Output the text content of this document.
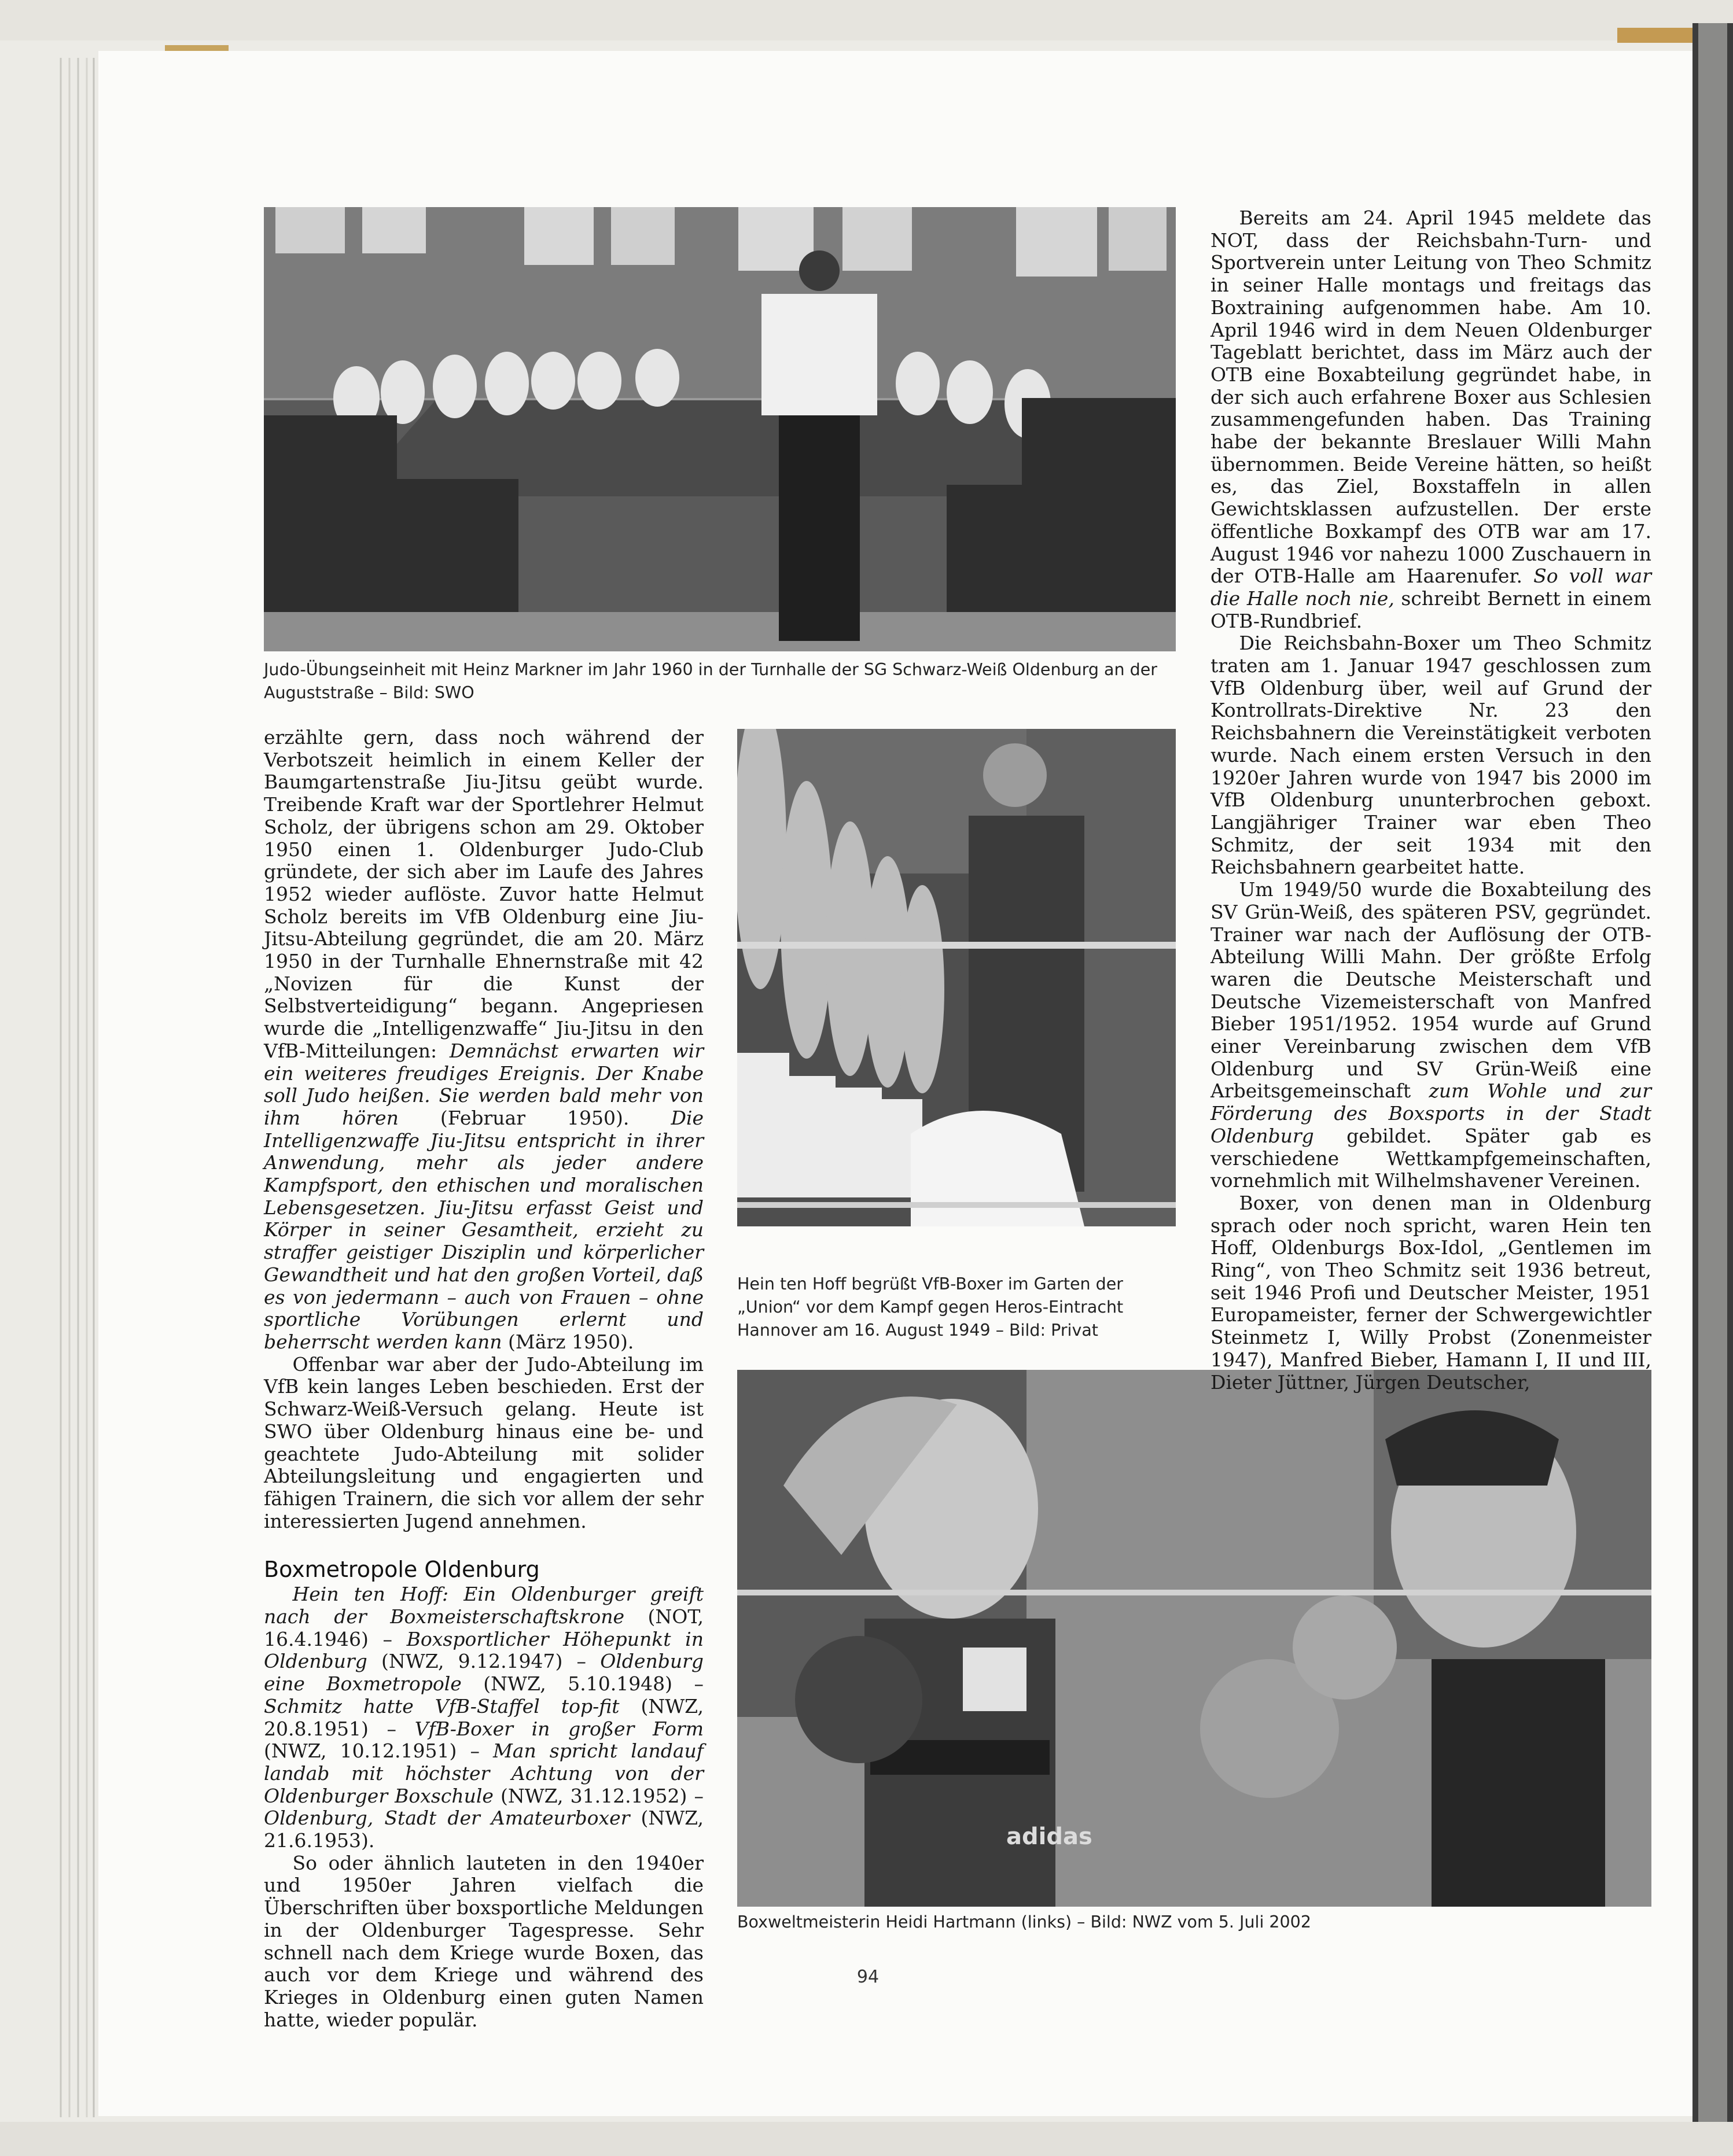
Judo-Übungseinheit mit Heinz Markner im Jahr 1960 in der Turnhalle der SG Schwarz-Weiß Oldenburg an der Auguststraße – Bild: SWO

Hein ten Hoff begrüßt VfB-Boxer im Garten der „Union“ vor dem Kampf gegen Heros-Eintracht Hannover am 16. August 1949 – Bild: Privat

adidas

Boxweltmeisterin Heidi Hartmann (links) – Bild: NWZ vom 5. Juli 2002

erzählte gern, dass noch während der Verbotszeit heimlich in einem Keller der Baumgartenstraße Jiu-Jitsu geübt wurde. Treibende Kraft war der Sportlehrer Helmut Scholz, der übrigens schon am 29. Oktober 1950 einen 1. Oldenburger Judo-Club gründete, der sich aber im Laufe des Jahres 1952 wieder auflöste. Zuvor hatte Helmut Scholz bereits im VfB Oldenburg eine Jiu-Jitsu-Abteilung gegründet, die am 20. März 1950 in der Turnhalle Ehnernstraße mit 42 „Novizen für die Kunst der Selbstverteidigung“ begann. Angepriesen wurde die „Intelligenzwaffe“ Jiu-Jitsu in den VfB-Mitteilungen: Demnächst erwarten wir ein weiteres freudiges Ereignis. Der Knabe soll Judo heißen. Sie werden bald mehr von ihm hören (Februar 1950). Die Intelligenzwaffe Jiu-Jitsu entspricht in ihrer Anwendung, mehr als jeder andere Kampfsport, den ethischen und moralischen Lebensgesetzen. Jiu-Jitsu erfasst Geist und Körper in seiner Gesamtheit, erzieht zu straffer geistiger Disziplin und körperlicher Gewandtheit und hat den großen Vorteil, daß es von jedermann – auch von Frauen – ohne sportliche Vorübungen erlernt und beherrscht werden kann (März 1950).

Offenbar war aber der Judo-Abteilung im VfB kein langes Leben beschieden. Erst der Schwarz-Weiß-Versuch gelang. Heute ist SWO über Oldenburg hinaus eine be- und geachtete Judo-Abteilung mit solider Abteilungsleitung und engagierten und fähigen Trainern, die sich vor allem der sehr interessierten Jugend annehmen.

Boxmetropole Oldenburg

Hein ten Hoff: Ein Oldenburger greift nach der Boxmeisterschaftskrone (NOT, 16.4.1946) – Boxsportlicher Höhepunkt in Oldenburg (NWZ, 9.12.1947) – Oldenburg eine Boxmetropole (NWZ, 5.10.1948) – Schmitz hatte VfB-Staffel top-fit (NWZ, 20.8.1951) – VfB-Boxer in großer Form (NWZ, 10.12.1951) – Man spricht landauf landab mit höchster Achtung von der Oldenburger Boxschule (NWZ, 31.12.1952) – Oldenburg, Stadt der Amateurboxer (NWZ, 21.6.1953).

So oder ähnlich lauteten in den 1940er und 1950er Jahren vielfach die Überschriften über boxsportliche Meldungen in der Oldenburger Tagespresse. Sehr schnell nach dem Kriege wurde Boxen, das auch vor dem Kriege und während des Krieges in Oldenburg einen guten Namen hatte, wieder populär.

Bereits am 24. April 1945 meldete das NOT, dass der Reichsbahn-Turn- und Sportverein unter Leitung von Theo Schmitz in seiner Halle montags und freitags das Boxtraining aufgenommen habe. Am 10. April 1946 wird in dem Neuen Oldenburger Tageblatt berichtet, dass im März auch der OTB eine Boxabteilung gegründet habe, in der sich auch erfahrene Boxer aus Schlesien zusammengefunden haben. Das Training habe der bekannte Breslauer Willi Mahn übernommen. Beide Vereine hätten, so heißt es, das Ziel, Boxstaffeln in allen Gewichtsklassen aufzustellen. Der erste öffentliche Boxkampf des OTB war am 17. August 1946 vor nahezu 1000 Zuschauern in der OTB-Halle am Haarenufer. So voll war die Halle noch nie, schreibt Bernett in einem OTB-Rundbrief.

Die Reichsbahn-Boxer um Theo Schmitz traten am 1. Januar 1947 geschlossen zum VfB Oldenburg über, weil auf Grund der Kontrollrats-Direktive Nr. 23 den Reichsbahnern die Vereinstätigkeit verboten wurde. Nach einem ersten Versuch in den 1920er Jahren wurde von 1947 bis 2000 im VfB Oldenburg ununterbrochen geboxt. Langjähriger Trainer war eben Theo Schmitz, der seit 1934 mit den Reichsbahnern gearbeitet hatte.

Um 1949/50 wurde die Boxabteilung des SV Grün-Weiß, des späteren PSV, gegründet. Trainer war nach der Auflösung der OTB-Abteilung Willi Mahn. Der größte Erfolg waren die Deutsche Meisterschaft und Deutsche Vizemeisterschaft von Manfred Bieber 1951/1952. 1954 wurde auf Grund einer Vereinbarung zwischen dem VfB Oldenburg und SV Grün-Weiß eine Arbeitsgemeinschaft zum Wohle und zur Förderung des Boxsports in der Stadt Oldenburg gebildet. Später gab es verschiedene Wettkampfgemeinschaften, vornehmlich mit Wilhelmshavener Vereinen.

Boxer, von denen man in Oldenburg sprach oder noch spricht, waren Hein ten Hoff, Oldenburgs Box-Idol, „Gentlemen im Ring“, von Theo Schmitz seit 1936 betreut, seit 1946 Profi und Deutscher Meister, 1951 Europameister, ferner der Schwergewichtler Steinmetz I, Willy Probst (Zonenmeister 1947), Manfred Bieber, Hamann I, II und III, Dieter Jüttner, Jürgen Deutscher,

94
